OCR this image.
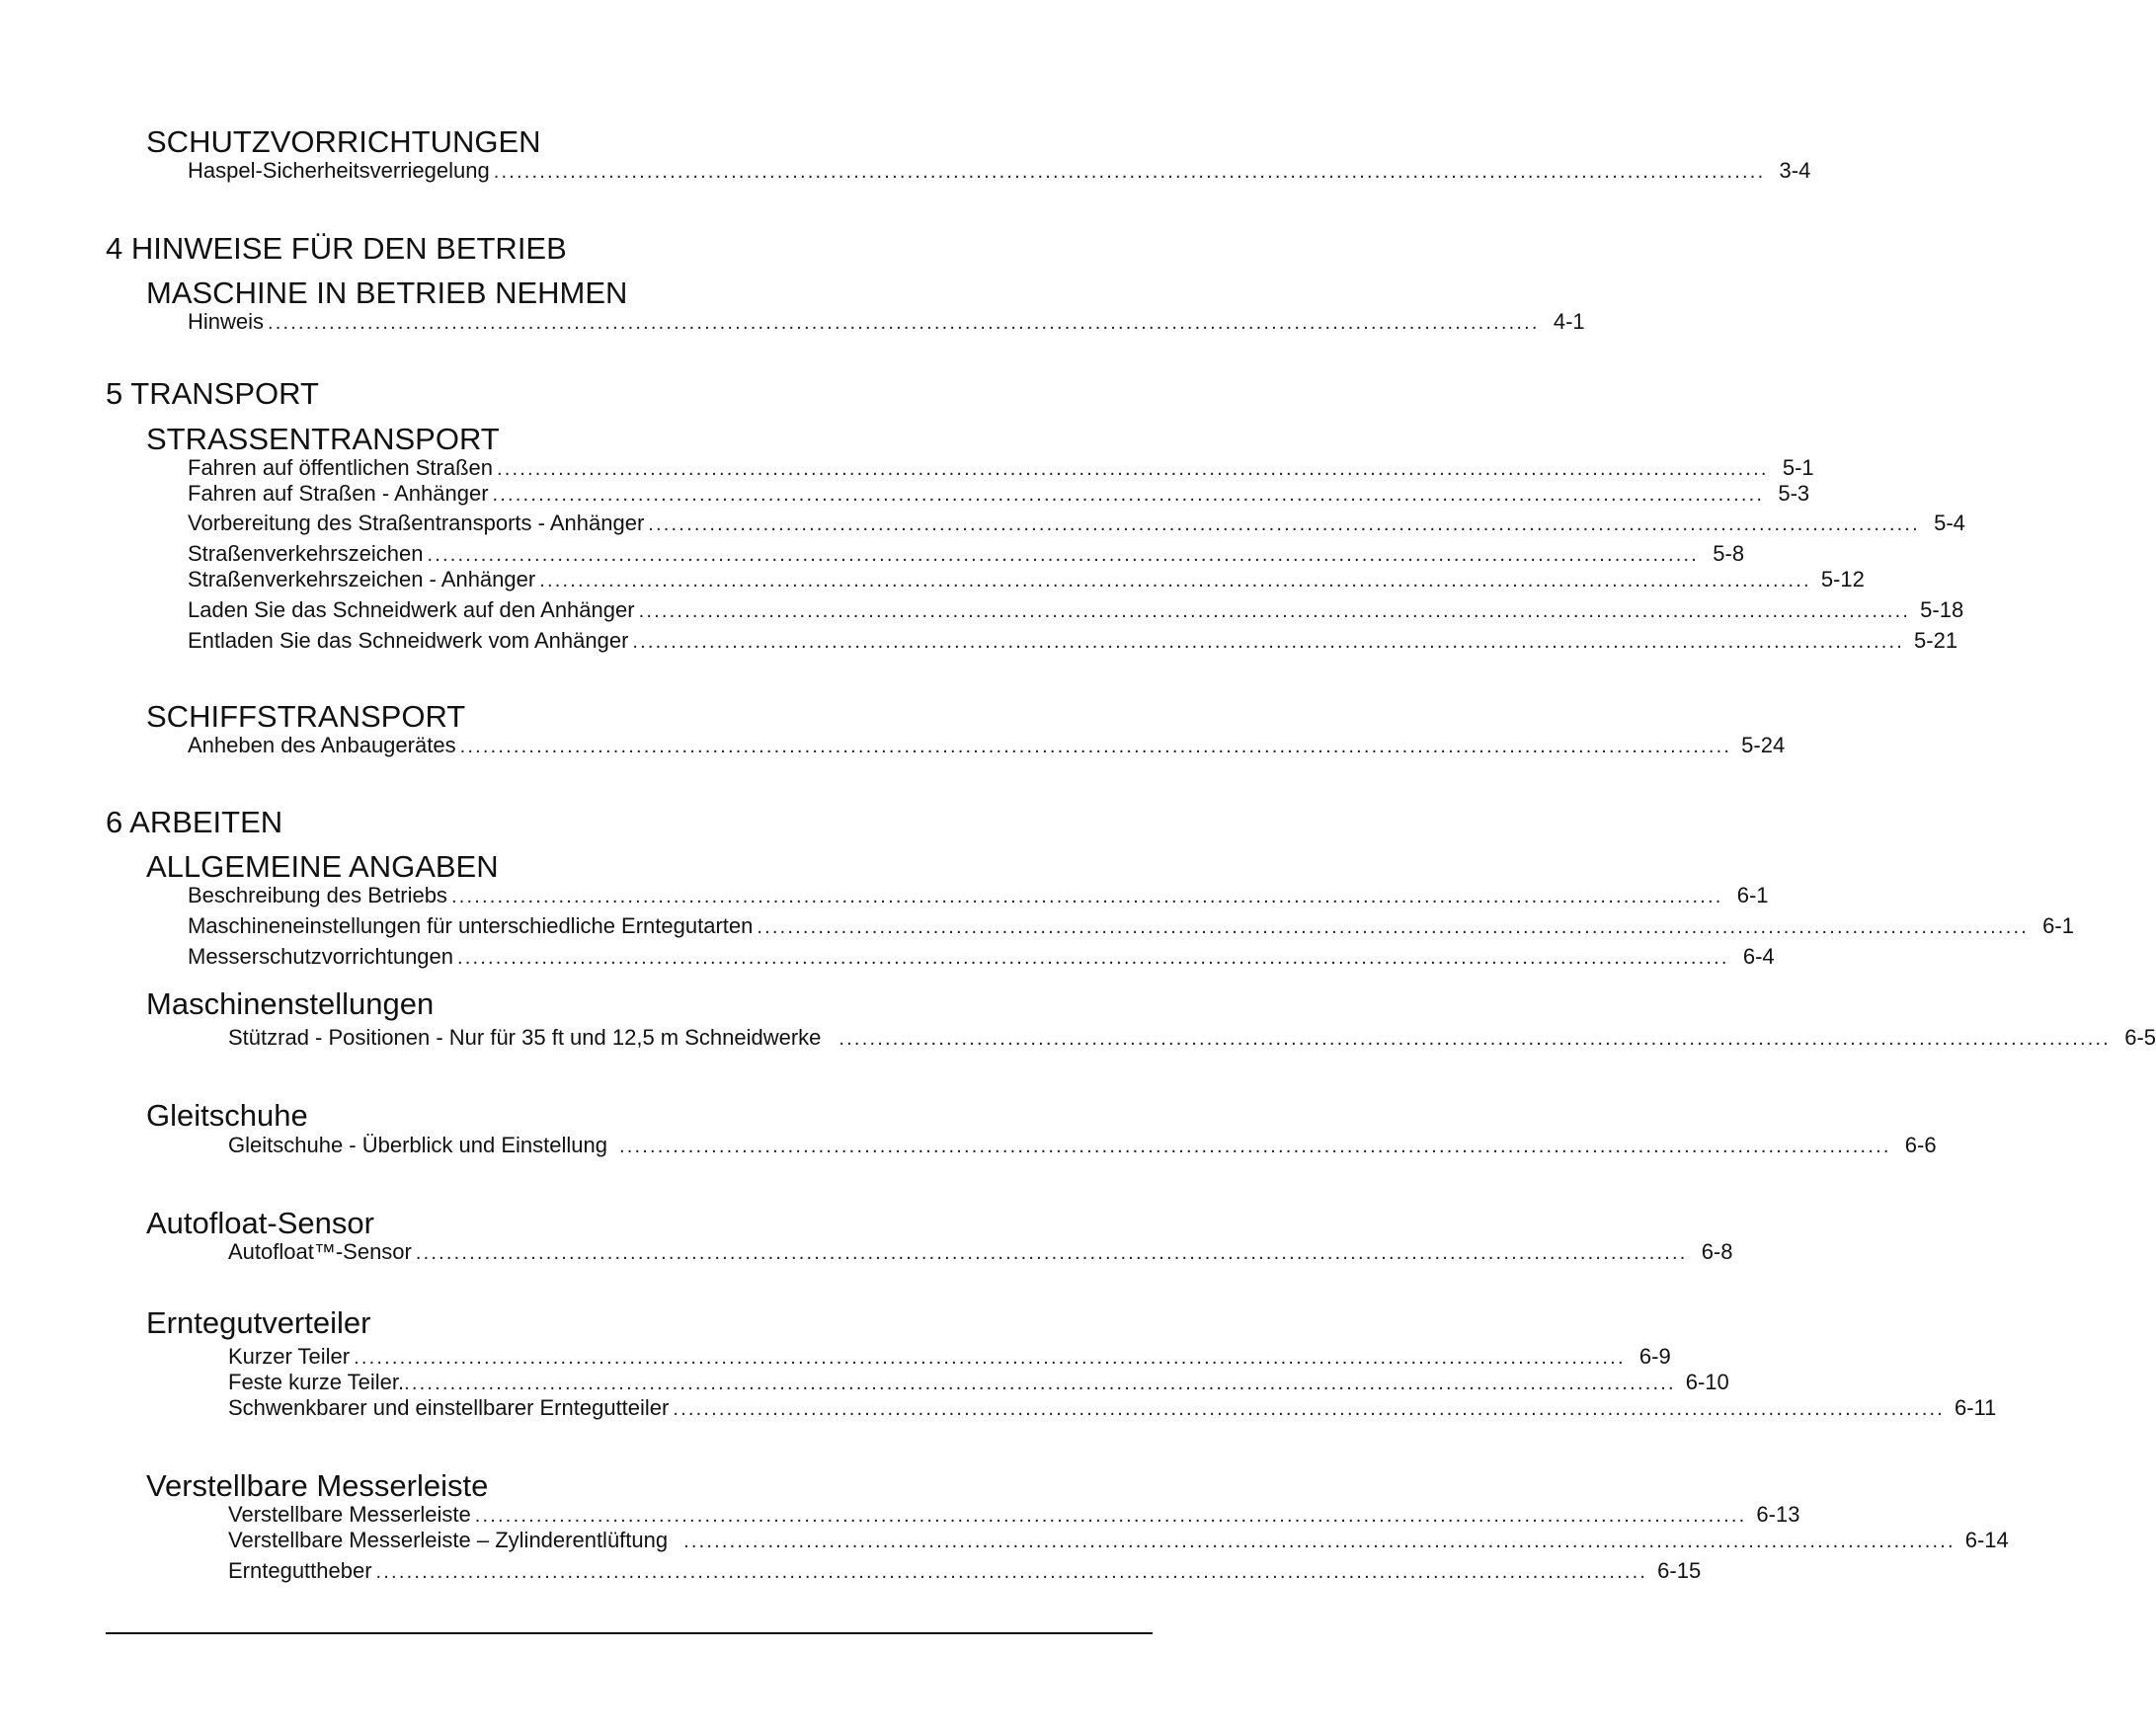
SCHUTZVORRICHTUNGEN
Haspel-Sicherheitsverriegelung ...................................................................................................................................................................... 3-4
4 HINWEISE FÜR DEN BETRIEB
MASCHINE IN BETRIEB NEHMEN
Hinweis ...................................................................................................................................................................... 4-1
5 TRANSPORT
STRASSENTRANSPORT
Fahren auf öffentlichen Straßen ...................................................................................................................................................................... 5-1
Fahren auf Straßen - Anhänger ...................................................................................................................................................................... 5-3
Vorbereitung des Straßentransports - Anhänger ...................................................................................................................................................................... 5-4
Straßenverkehrszeichen ...................................................................................................................................................................... 5-8
Straßenverkehrszeichen - Anhänger ...................................................................................................................................................................... 5-12
Laden Sie das Schneidwerk auf den Anhänger ...................................................................................................................................................................... 5-18
Entladen Sie das Schneidwerk vom Anhänger ...................................................................................................................................................................... 5-21
SCHIFFSTRANSPORT
Anheben des Anbaugerätes ...................................................................................................................................................................... 5-24
6 ARBEITEN
ALLGEMEINE ANGABEN
Beschreibung des Betriebs ...................................................................................................................................................................... 6-1
Maschineneinstellungen für unterschiedliche Erntegutarten ...................................................................................................................................................................... 6-1
Messerschutzvorrichtungen ...................................................................................................................................................................... 6-4
Maschinenstellungen
Stützrad - Positionen - Nur für 35 ft und 12,5 m Schneidwerke ...................................................................................................................................................................... 6-5
Gleitschuhe
Gleitschuhe - Überblick und Einstellung ...................................................................................................................................................................... 6-6
Autofloat-Sensor
Autofloat™-Sensor ...................................................................................................................................................................... 6-8
Erntegutverteiler
Kurzer Teiler ...................................................................................................................................................................... 6-9
Feste kurze Teiler. ...................................................................................................................................................................... 6-10
Schwenkbarer und einstellbarer Erntegutteiler ...................................................................................................................................................................... 6-11
Verstellbare Messerleiste
Verstellbare Messerleiste ...................................................................................................................................................................... 6-13
Verstellbare Messerleiste – Zylinderentlüftung ...................................................................................................................................................................... 6-14
Ernteguttheber ...................................................................................................................................................................... 6-15
